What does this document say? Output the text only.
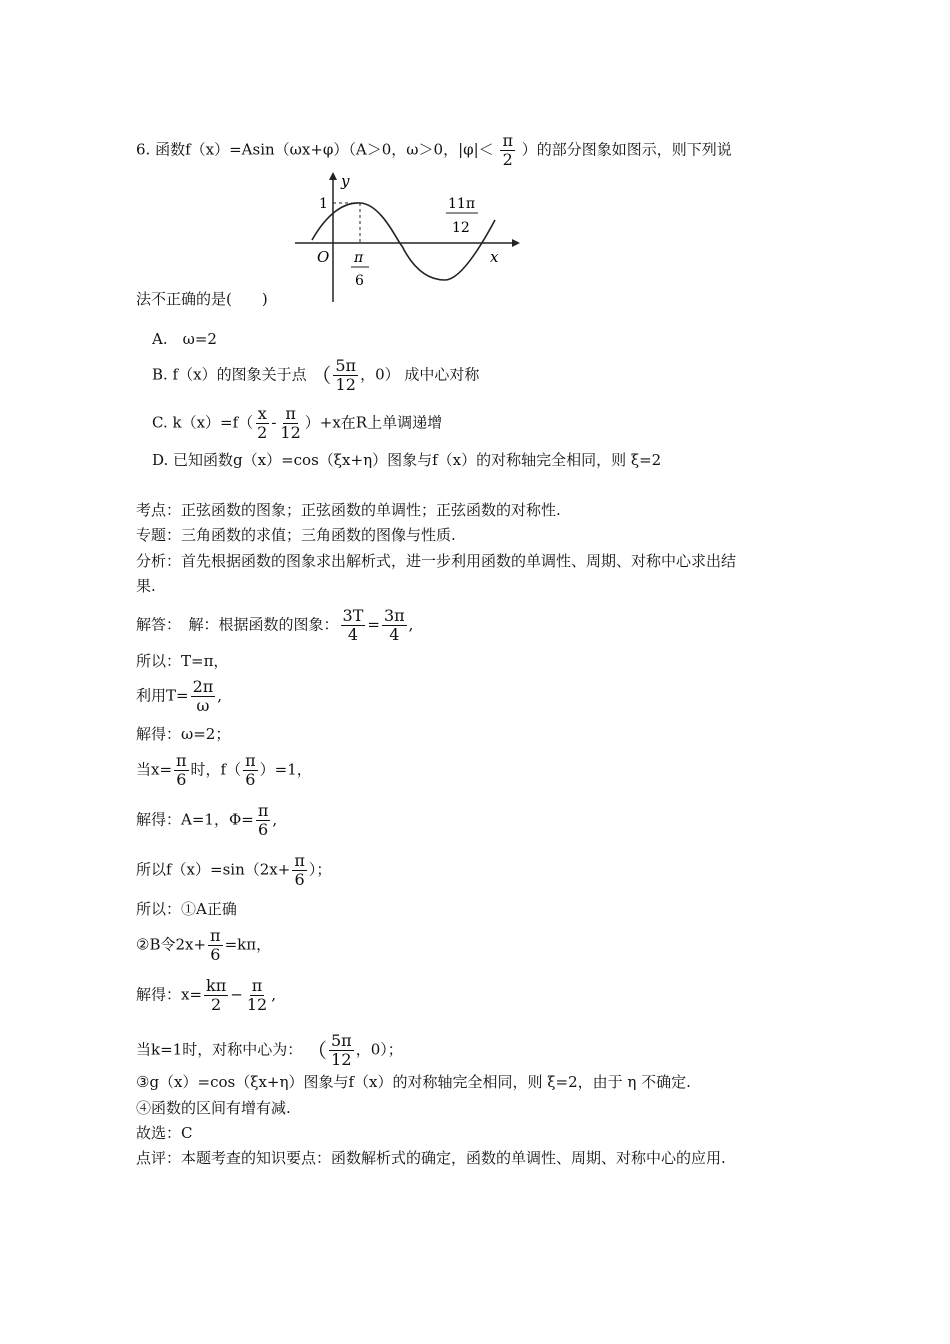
6. 函数f（x）=Asin（ωx+φ）（A＞0，ω＞0，$|\varphi|< \frac{\pi}{2}$ ）的部分图象如图示，则下列说
y
x
O
1
π
6
11π
12
法不正确的是(　　)
A.　ω=2
B. f（x）的图象关于点 （ $\frac{5\pi}{12}$ ，0） 成中心对称
C. $k(x)=f( \frac{x}{2} - \frac{\pi}{12} )+x$在R上单调递增
D. 已知函数g（x）=cos（ξx+η）图象与f（x）的对称轴完全相同，则 ξ=2
考点：正弦函数的图象；正弦函数的单调性；正弦函数的对称性.
专题：三角函数的求值；三角函数的图像与性质.
分析：首先根据函数的图象求出解析式，进一步利用函数的单调性、周期、对称中心求出结
果.
解答：　解：根据函数的图象： $\frac{3T}{4} = \frac{3\pi}{4}$ ,
所以：T=π，
利用$T= \frac{2\pi}{\omega}$ ,
解得：ω=2；
当$x= \frac{\pi}{6}$ 时，$f( \frac{\pi}{6} )=1$，
解得：A=1，$\Phi= \frac{\pi}{6}$ ,
所以$f(x)=\sin(2x+ \frac{\pi}{6}$ ）；
所以：①A正确
②B令$2x+ \frac{\pi}{6} =k\pi$，
解得：$x= \frac{k\pi}{2} - \frac{\pi}{12}$ ,
当k=1时，对称中心为： （ $\frac{5\pi}{12}$ ，0）；
③g（x）=cos（ξx+η）图象与f（x）的对称轴完全相同，则 ξ=2，由于 η 不确定.
④函数的区间有增有减.
故选：C
点评：本题考查的知识要点：函数解析式的确定，函数的单调性、周期、对称中心的应用.
